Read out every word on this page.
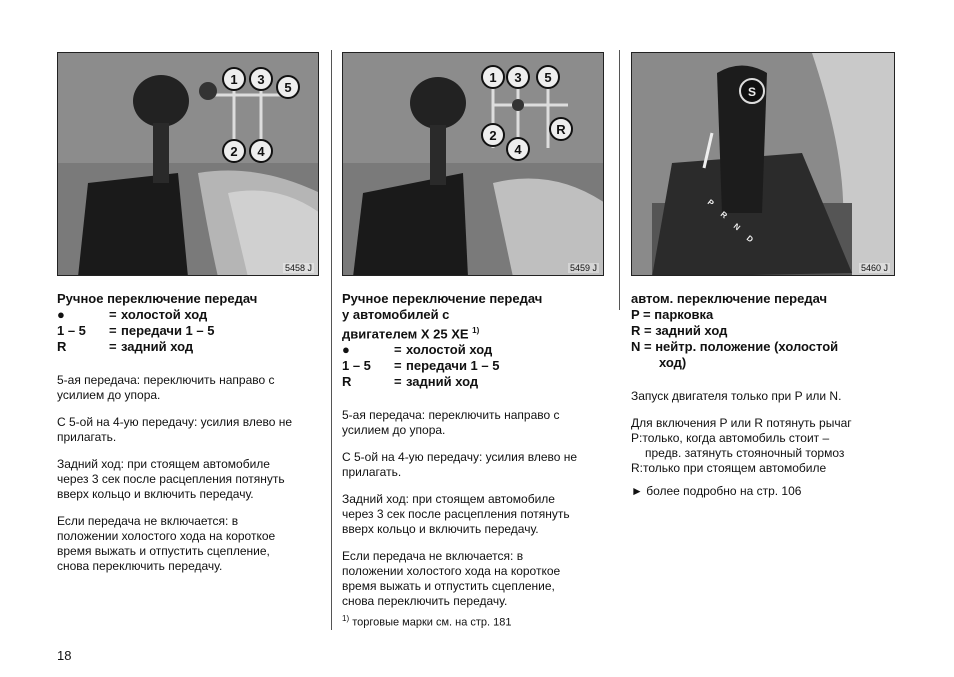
1 3
5
2 4
5458 J
Ручное переключение передач
●	= холостой ход
1 – 5	= передачи 1 – 5
R	= задний ход
5-ая передача: переключить направо с
усилием до упора.
С 5-ой на 4-ую передачу: усилия влево не
прилагать.
Задний ход: при стоящем автомобиле
через 3 сек после расцепления потянуть
вверх кольцо и включить передачу.
Если передача не включается: в
положении холостого хода на короткое
время выжать и отпустить сцепление,
снова переключить передачу.
1 3 5
2
4
R
5459 J
Ручное переключение передач
у автомобилей с
двигателем X 25 XE $^{1)}$
●	= холостой ход
1 – 5	= передачи 1 – 5
R	= задний ход
5-ая передача: переключить направо с
усилием до упора.
С 5-ой на 4-ую передачу: усилия влево не
прилагать.
Задний ход: при стоящем автомобиле
через 3 сек после расцепления потянуть
вверх кольцо и включить передачу.
Если передача не включается: в
положении холостого хода на короткое
время выжать и отпустить сцепление,
снова переключить передачу.
$^{1)}$ торговые марки см. на стр. 181
S
P
R
N
D
5460 J
автом. переключение передач
P = парковка
R = задний ход
N = нейтр. положение (холостой
ход)
Запуск двигателя только при P или N.
Для включения P или R потянуть рычаг
P:только, когда автомобиль стоит –
предв. затянуть стояночный тормоз
R:только при стоящем автомобиле
► более подробно на стр. 106
18
